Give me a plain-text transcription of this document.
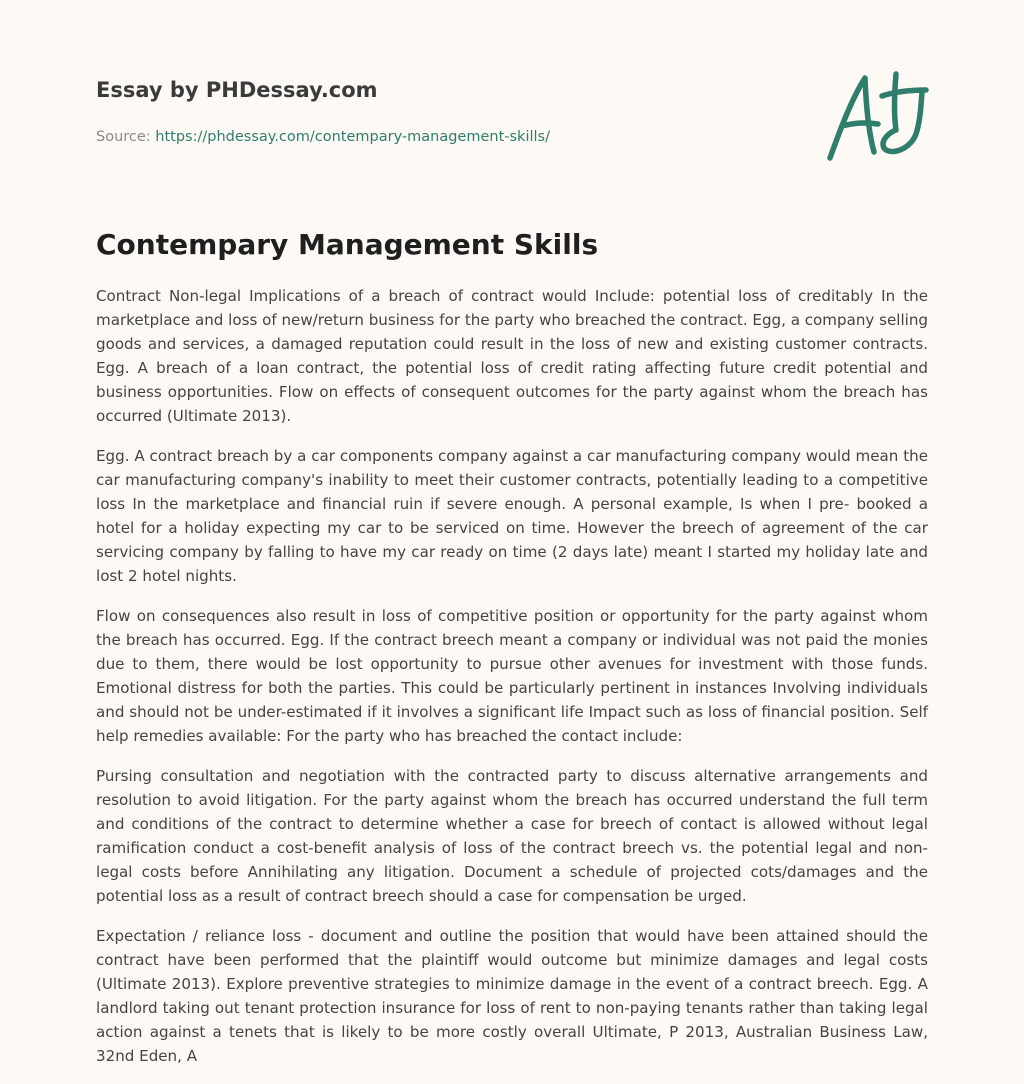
Essay by PHDessay.com
Source: https://phdessay.com/contempary-management-skills/
Contempary Management Skills

Contract Non-legal Implications of a breach of contract would Include: potential loss of creditably In the marketplace and loss of new/return business for the party who breached the contract. Egg, a company selling goods and services, a damaged reputation could result in the loss of new and existing customer contracts. Egg. A breach of a loan contract, the potential loss of credit rating affecting future credit potential and business opportunities. Flow on effects of consequent outcomes for the party against whom the breach has occurred (Ultimate 2013).

Egg. A contract breach by a car components company against a car manufacturing company would mean the car manufacturing company's inability to meet their customer contracts, potentially leading to a competitive loss In the marketplace and financial ruin if severe enough. A personal example, Is when I pre- booked a hotel for a holiday expecting my car to be serviced on time. However the breech of agreement of the car servicing company by falling to have my car ready on time (2 days late) meant I started my holiday late and lost 2 hotel nights.

Flow on consequences also result in loss of competitive position or opportunity for the party against whom the breach has occurred. Egg. If the contract breech meant a company or individual was not paid the monies due to them, there would be lost opportunity to pursue other avenues for investment with those funds. Emotional distress for both the parties. This could be particularly pertinent in instances Involving individuals and should not be under-estimated if it involves a significant life Impact such as loss of financial position. Self help remedies available: For the party who has breached the contact include:

Pursing consultation and negotiation with the contracted party to discuss alternative arrangements and resolution to avoid litigation. For the party against whom the breach has occurred understand the full term and conditions of the contract to determine whether a case for breech of contact is allowed without legal ramification conduct a cost-benefit analysis of loss of the contract breech vs. the potential legal and non-legal costs before Annihilating any litigation. Document a schedule of projected cots/damages and the potential loss as a result of contract breech should a case for compensation be urged.

Expectation / reliance loss - document and outline the position that would have been attained should the contract have been performed that the plaintiff would outcome but minimize damages and legal costs (Ultimate 2013). Explore preventive strategies to minimize damage in the event of a contract breech. Egg. A landlord taking out tenant protection insurance for loss of rent to non-paying tenants rather than taking legal action against a tenets that is likely to be more costly overall Ultimate, P 2013, Australian Business Law, 32nd Eden, A
